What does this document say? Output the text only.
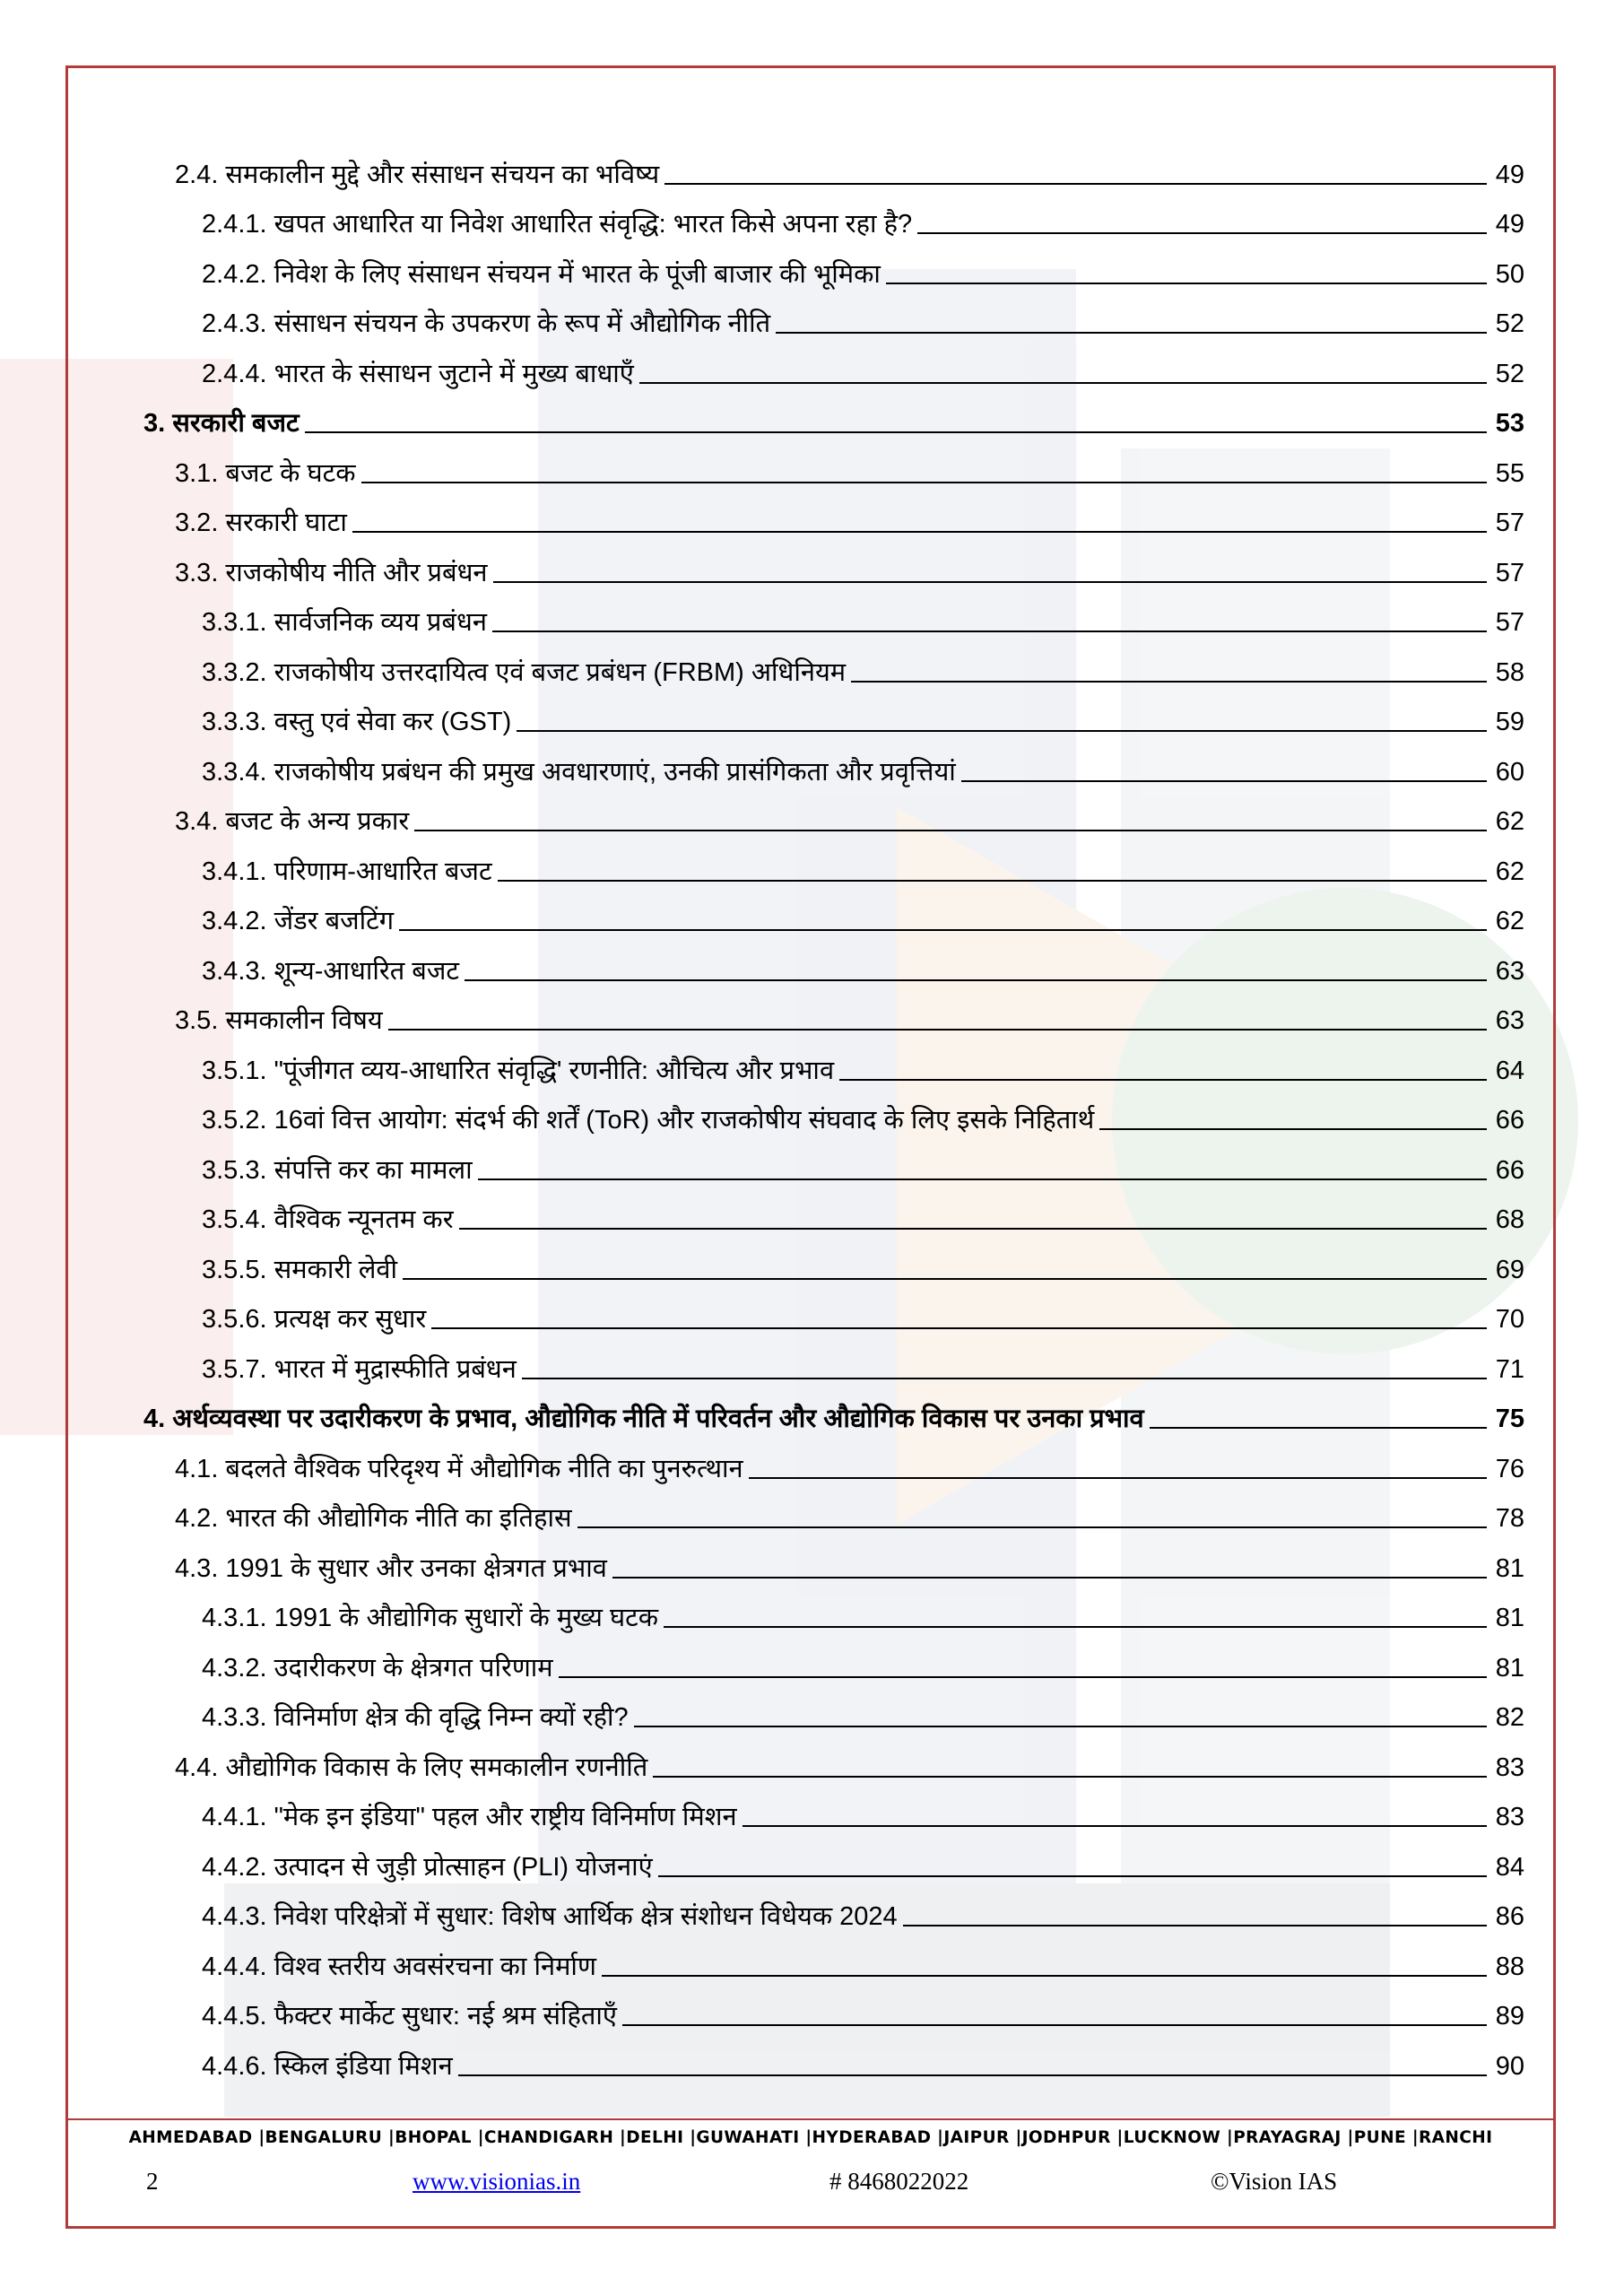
2.4. समकालीन मुद्दे और संसाधन संचयन का भविष्य	49
2.4.1. खपत आधारित या निवेश आधारित संवृद्धि: भारत किसे अपना रहा है?	49
2.4.2. निवेश के लिए संसाधन संचयन में भारत के पूंजी बाजार की भूमिका	50
2.4.3. संसाधन संचयन के उपकरण के रूप में औद्योगिक नीति	52
2.4.4. भारत के संसाधन जुटाने में मुख्य बाधाएँ	52
3. सरकारी बजट	53
3.1. बजट के घटक	55
3.2. सरकारी घाटा	57
3.3. राजकोषीय नीति और प्रबंधन	57
3.3.1. सार्वजनिक व्यय प्रबंधन	57
3.3.2. राजकोषीय उत्तरदायित्व एवं बजट प्रबंधन (FRBM) अधिनियम	58
3.3.3. वस्तु एवं सेवा कर (GST)	59
3.3.4. राजकोषीय प्रबंधन की प्रमुख अवधारणाएं, उनकी प्रासंगिकता और प्रवृत्तियां	60
3.4. बजट के अन्य प्रकार	62
3.4.1. परिणाम-आधारित बजट	62
3.4.2. जेंडर बजटिंग	62
3.4.3. शून्य-आधारित बजट	63
3.5. समकालीन विषय	63
3.5.1. "पूंजीगत व्यय-आधारित संवृद्धि' रणनीति: औचित्य और प्रभाव	64
3.5.2. 16वां वित्त आयोग: संदर्भ की शर्तें (ToR) और राजकोषीय संघवाद के लिए इसके निहितार्थ	66
3.5.3. संपत्ति कर का मामला	66
3.5.4. वैश्विक न्यूनतम कर	68
3.5.5. समकारी लेवी	69
3.5.6. प्रत्यक्ष कर सुधार	70
3.5.7. भारत में मुद्रास्फीति प्रबंधन	71
4. अर्थव्यवस्था पर उदारीकरण के प्रभाव, औद्योगिक नीति में परिवर्तन और औद्योगिक विकास पर उनका प्रभाव	75
4.1. बदलते वैश्विक परिदृश्य में औद्योगिक नीति का पुनरुत्थान	76
4.2. भारत की औद्योगिक नीति का इतिहास	78
4.3. 1991 के सुधार और उनका क्षेत्रगत प्रभाव	81
4.3.1. 1991 के औद्योगिक सुधारों के मुख्य घटक	81
4.3.2. उदारीकरण के क्षेत्रगत परिणाम	81
4.3.3. विनिर्माण क्षेत्र की वृद्धि निम्न क्यों रही?	82
4.4. औद्योगिक विकास के लिए समकालीन रणनीति	83
4.4.1. "मेक इन इंडिया" पहल और राष्ट्रीय विनिर्माण मिशन	83
4.4.2. उत्पादन से जुड़ी प्रोत्साहन (PLI) योजनाएं	84
4.4.3. निवेश परिक्षेत्रों में सुधार: विशेष आर्थिक क्षेत्र संशोधन विधेयक 2024	86
4.4.4. विश्व स्तरीय अवसंरचना का निर्माण	88
4.4.5. फैक्टर मार्केट सुधार: नई श्रम संहिताएँ	89
4.4.6. स्किल इंडिया मिशन	90
AHMEDABAD |BENGALURU |BHOPAL |CHANDIGARH |DELHI |GUWAHATI |HYDERABAD |JAIPUR |JODHPUR |LUCKNOW |PRAYAGRAJ |PUNE |RANCHI
2	www.visionias.in	# 8468022022	©Vision IAS
